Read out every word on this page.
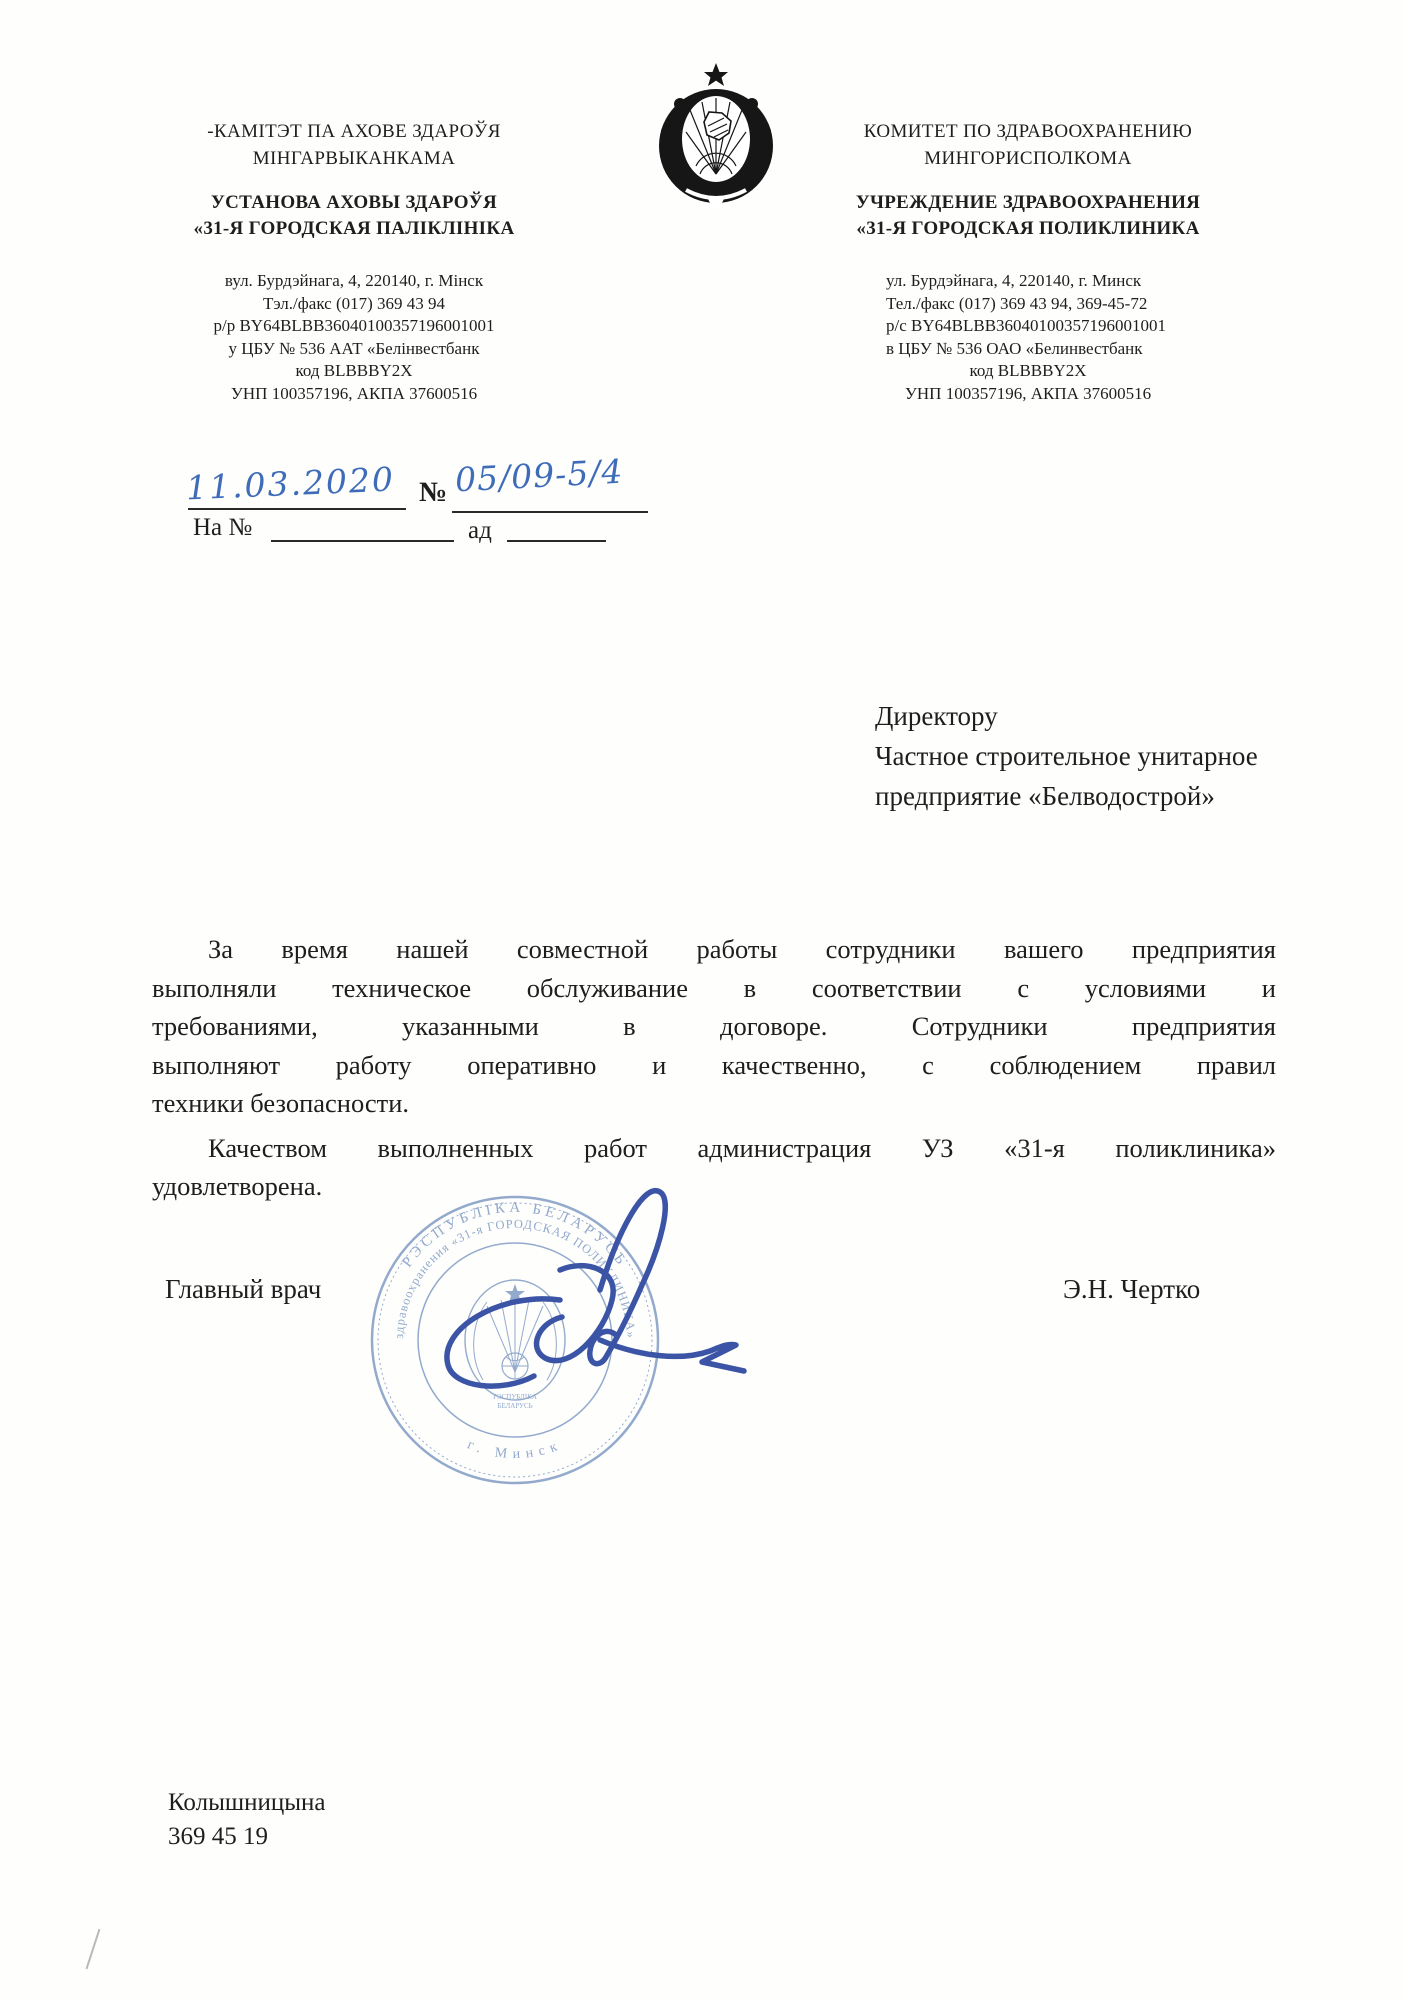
-КАМІТЭТ ПА АХОВЕ ЗДАРОЎЯ
МІНГАРВЫКАНКАМА
УСТАНОВА АХОВЫ ЗДАРОЎЯ
«31-Я ГОРОДСКАЯ ПАЛІКЛІНІКА
вул. Бурдэйнага, 4, 220140, г. Мінск
Тэл./факс (017) 369 43 94
р/р BY64BLBB36040100357196001001
у ЦБУ № 536 ААТ «Белінвестбанк
код BLBBBY2X
УНП 100357196, АКПА 37600516
КОМИТЕТ ПО ЗДРАВООХРАНЕНИЮ
МИНГОРИСПОЛКОМА
УЧРЕЖДЕНИЕ ЗДРАВООХРАНЕНИЯ
«31-Я ГОРОДСКАЯ ПОЛИКЛИНИКА
ул. Бурдэйнага, 4, 220140, г. Минск
Тел./факс (017) 369 43 94, 369-45-72
р/с BY64BLBB36040100357196001001
в ЦБУ № 536 ОАО «Белинвестбанк
код BLBBBY2X
УНП 100357196, АКПА 37600516
11.03.2020 № 05/09-5/4
На №	ад
Директору
Частное строительное унитарное
предприятие «Белводострой»
За время нашей совместной работы сотрудники вашего предприятия
выполняли техническое обслуживание в соответствии с условиями и
требованиями, указанными в договоре. Сотрудники предприятия
выполняют работу оперативно и качественно, с соблюдением правил
техники безопасности.
Качеством выполненных работ администрация УЗ «31-я поликлиника»
удовлетворена.
Главный врач	Э.Н. Чертко
РЭСПУБЛІКА БЕЛАРУСЬ
здравоохранения «31-я ГОРОДСКАЯ ПОЛИКЛИНИКА»
г. Минск
РЭСПУБЛІКА
БЕЛАРУСЬ
Колышницына
369 45 19
